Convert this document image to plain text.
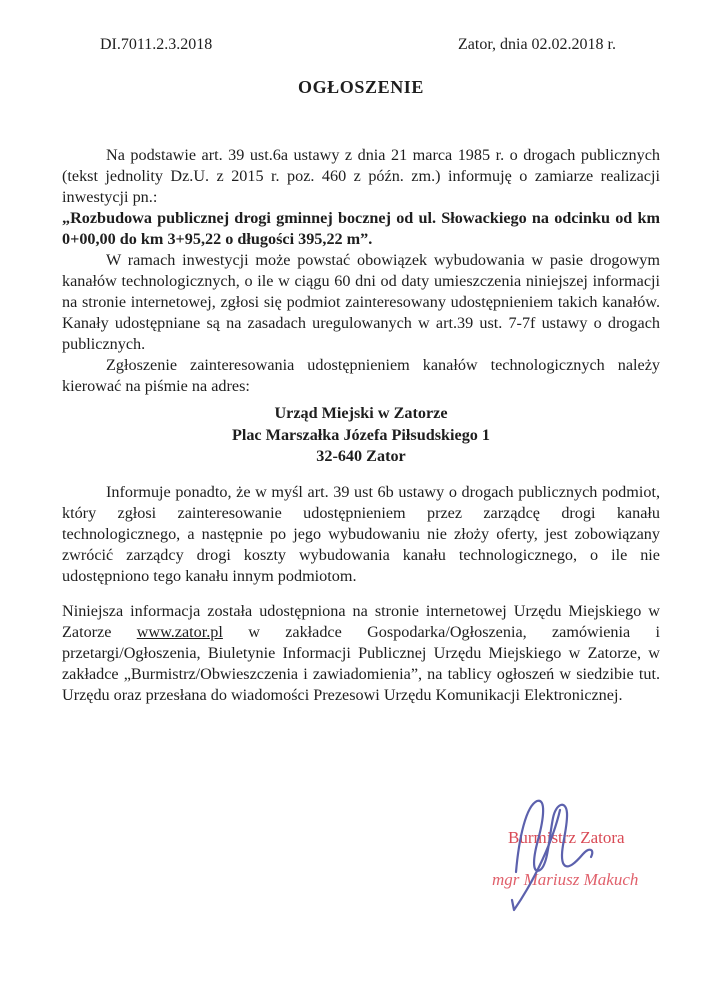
DI.7011.2.3.2018	Zator, dnia 02.02.2018 r.
OGŁOSZENIE

Na podstawie art. 39 ust.6a ustawy z dnia 21 marca 1985 r. o drogach publicznych (tekst jednolity Dz.U. z 2015 r. poz. 460 z późn. zm.) informuję o zamiarze realizacji inwestycji pn.:

„Rozbudowa publicznej drogi gminnej bocznej od ul. Słowackiego na odcinku od km 0+00,00 do km 3+95,22 o długości 395,22 m”.

W ramach inwestycji może powstać obowiązek wybudowania w pasie drogowym kanałów technologicznych, o ile w ciągu 60 dni od daty umieszczenia niniejszej informacji na stronie internetowej, zgłosi się podmiot zainteresowany udostępnieniem takich kanałów. Kanały udostępniane są na zasadach uregulowanych w art.39 ust. 7-7f ustawy o drogach publicznych.

Zgłoszenie zainteresowania udostępnieniem kanałów technologicznych należy kierować na piśmie na adres:

Urząd Miejski w Zatorze
Plac Marszałka Józefa Piłsudskiego 1
32-640 Zator

Informuje ponadto, że w myśl art. 39 ust 6b ustawy o drogach publicznych podmiot, który zgłosi zainteresowanie udostępnieniem przez zarządcę drogi kanału technologicznego, a następnie po jego wybudowaniu nie złoży oferty, jest zobowiązany zwrócić zarządcy drogi koszty wybudowania kanału technologicznego, o ile nie udostępniono tego kanału innym podmiotom.

Niniejsza informacja została udostępniona na stronie internetowej Urzędu Miejskiego w Zatorze www.zator.pl w zakładce Gospodarka/Ogłoszenia, zamówienia i przetargi/Ogłoszenia, Biuletynie Informacji Publicznej Urzędu Miejskiego w Zatorze, w zakładce „Burmistrz/Obwieszczenia i zawiadomienia”, na tablicy ogłoszeń w siedzibie tut. Urzędu oraz przesłana do wiadomości Prezesowi Urzędu Komunikacji Elektronicznej.

Burmistrz Zatora
mgr Mariusz Makuch
